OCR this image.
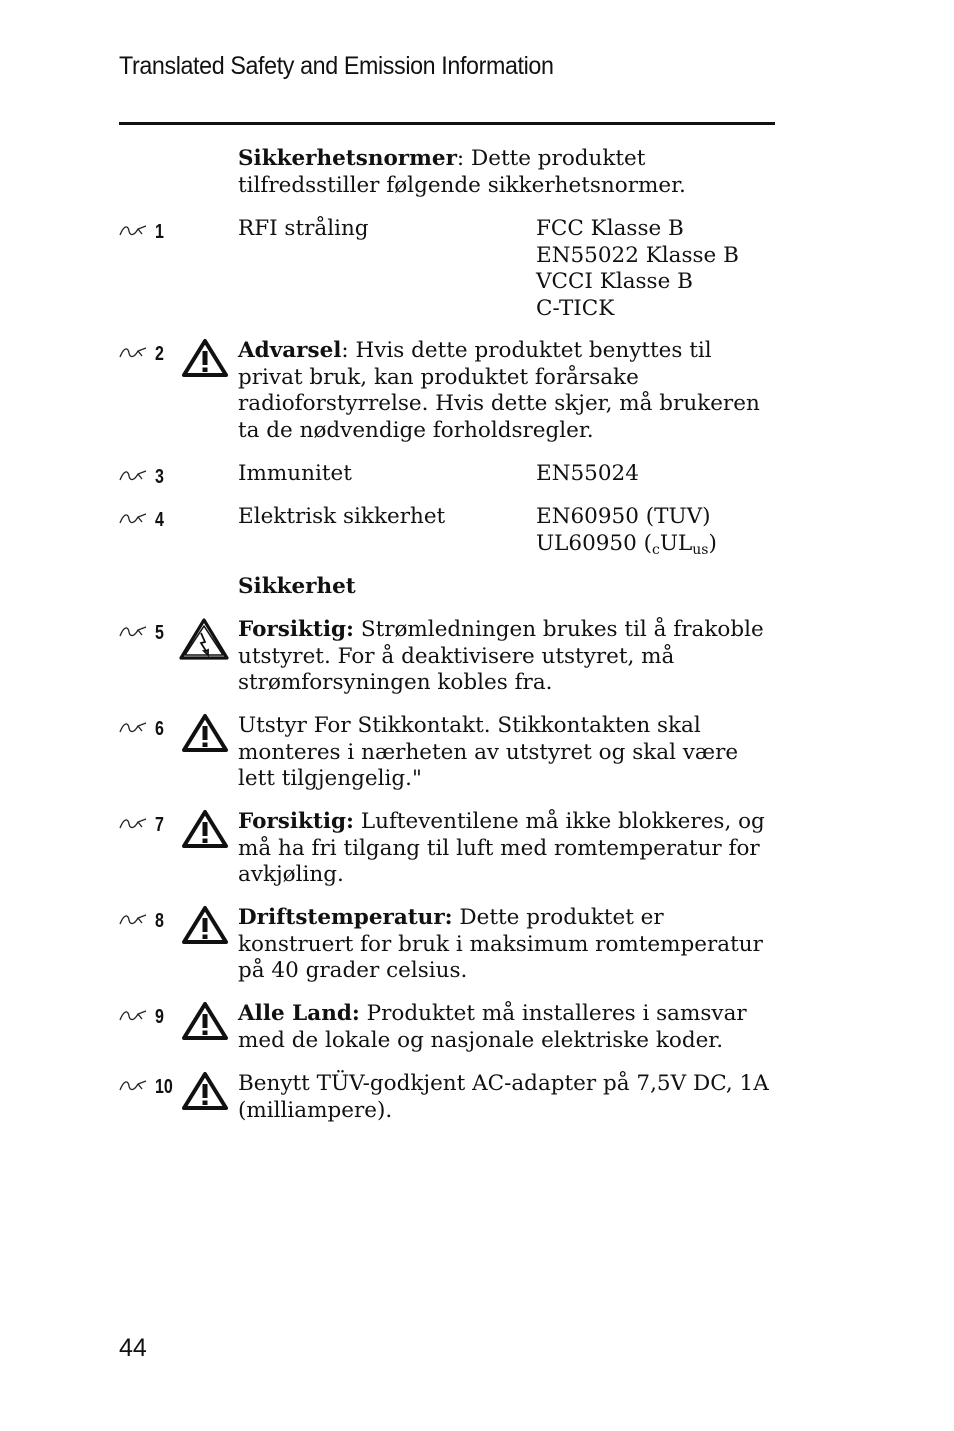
Translated Safety and Emission Information
Sikkerhetsnormer: Dette produktet tilfredsstiller følgende sikkerhetsnormer.
1	RFI stråling	FCC Klasse B
EN55022 Klasse B
VCCI Klasse B
C-TICK
2	Advarsel: Hvis dette produktet benyttes til privat bruk, kan produktet forårsake radioforstyrrelse. Hvis dette skjer, må brukeren ta de nødvendige forholdsregler.
3	Immunitet	EN55024
4	Elektrisk sikkerhet	EN60950 (TUV)
UL60950 $(_cUL_{us})$
Sikkerhet
5	Forsiktig: Strømledningen brukes til å frakoble utstyret. For å deaktivisere utstyret, må strømforsyningen kobles fra.
6	Utstyr For Stikkontakt. Stikkontakten skal monteres i nærheten av utstyret og skal være lett tilgjengelig."
7	Forsiktig: Lufteventilene må ikke blokkeres, og må ha fri tilgang til luft med romtemperatur for avkjøling.
8	Driftstemperatur: Dette produktet er konstruert for bruk i maksimum romtemperatur på 40 grader celsius.
9	Alle Land: Produktet må installeres i samsvar med de lokale og nasjonale elektriske koder.
10	Benytt TÜV-godkjent AC-adapter på 7,5V DC, 1A (milliampere).
44
